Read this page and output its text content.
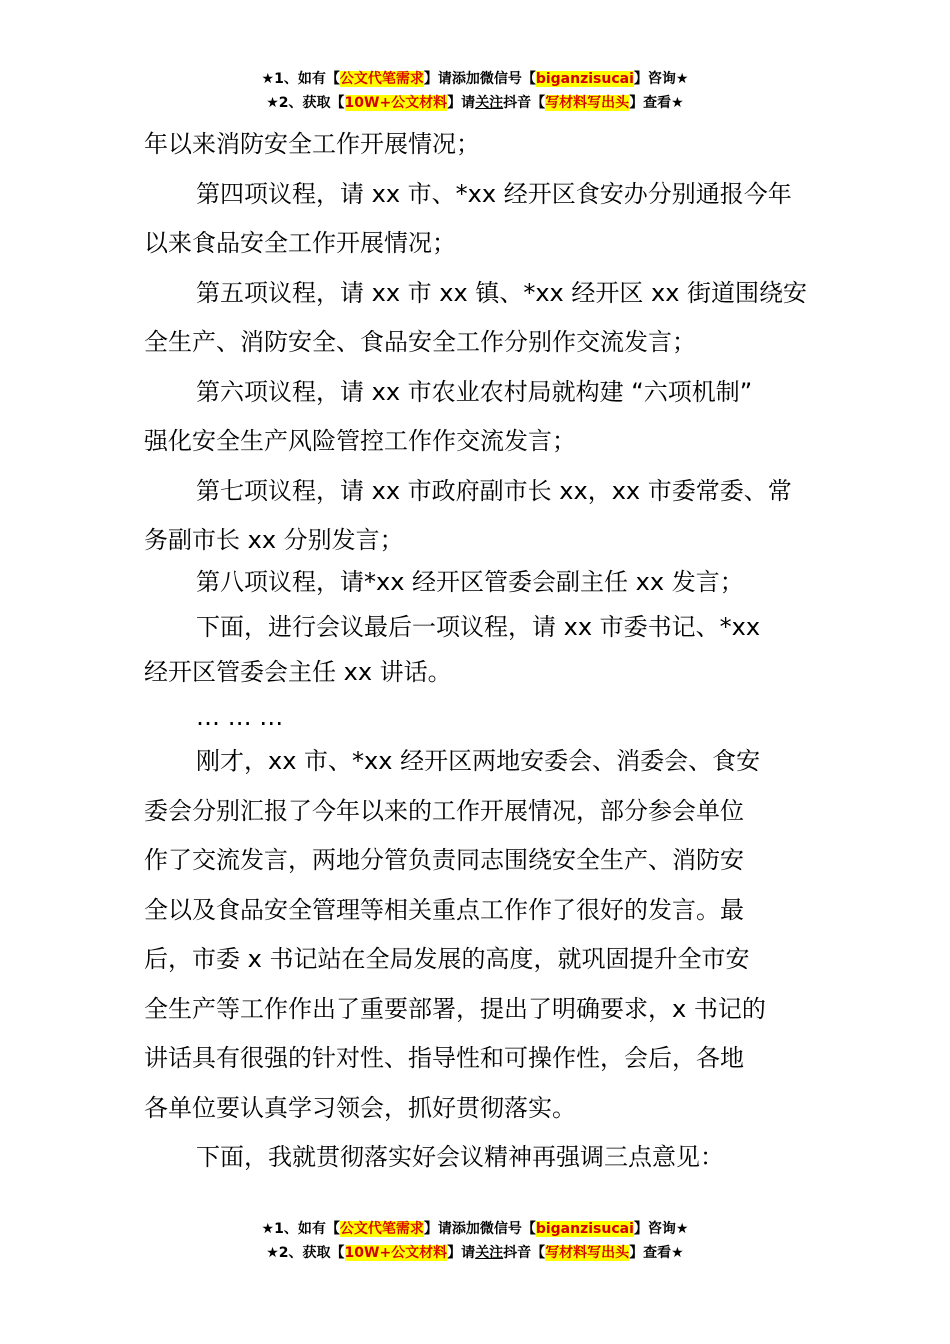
★1、如有【公文代笔需求】请添加微信号【biganzisucai】咨询★
★2、获取【10W+公文材料】请关注抖音【写材料写出头】查看★

年以来消防安全工作开展情况；

第四项议程，请 xx 市、*xx 经开区食安办分别通报今年

以来食品安全工作开展情况；

第五项议程，请 xx 市 xx 镇、*xx 经开区 xx 街道围绕安

全生产、消防安全、食品安全工作分别作交流发言；

第六项议程，请 xx 市农业农村局就构建 “六项机制”

强化安全生产风险管控工作作交流发言；

第七项议程，请 xx 市政府副市长 xx，xx 市委常委、常

务副市长 xx 分别发言；

第八项议程，请*xx 经开区管委会副主任 xx 发言；

下面，进行会议最后一项议程，请 xx 市委书记、*xx

经开区管委会主任 xx 讲话。

… … …

刚才，xx 市、*xx 经开区两地安委会、消委会、食安

委会分别汇报了今年以来的工作开展情况，部分参会单位

作了交流发言，两地分管负责同志围绕安全生产、消防安

全以及食品安全管理等相关重点工作作了很好的发言。最

后，市委 x 书记站在全局发展的高度，就巩固提升全市安

全生产等工作作出了重要部署，提出了明确要求，x 书记的

讲话具有很强的针对性、指导性和可操作性，会后，各地

各单位要认真学习领会，抓好贯彻落实。

下面，我就贯彻落实好会议精神再强调三点意见：

★1、如有【公文代笔需求】请添加微信号【biganzisucai】咨询★
★2、获取【10W+公文材料】请关注抖音【写材料写出头】查看★
